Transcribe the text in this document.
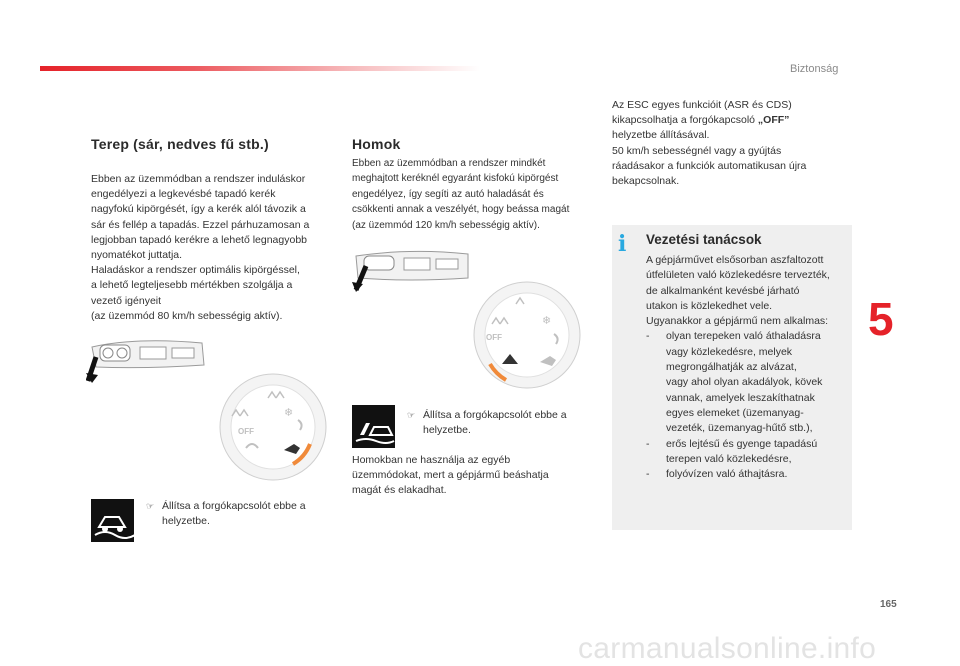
Biztonság
Terep (sár, nedves fű stb.)
Ebben az üzemmódban a rendszer induláskor
engedélyezi a legkevésbé tapadó kerék
nagyfokú kipörgését, így a kerék alól távozik a
sár és fellép a tapadás. Ezzel párhuzamosan a
legjobban tapadó kerékre a lehető legnagyobb
nyomatékot juttatja.
Haladáskor a rendszer optimális kipörgéssel,
a lehető legteljesebb mértékben szolgálja a
vezető igényeit
(az üzemmód 80 km/h sebességig aktív).
OFF
❄
☞ Állítsa a forgókapcsolót ebbe a
helyzetbe.
Homok
Ebben az üzemmódban a rendszer mindkét
meghajtott keréknél egyaránt kisfokú kipörgést
engedélyez, így segíti az autó haladását és
csökkenti annak a veszélyét, hogy beássa magát
(az üzemmód 120 km/h sebességig aktív).
OFF
❄
☞ Állítsa a forgókapcsolót ebbe a
helyzetbe.
Homokban ne használja az egyéb
üzemmódokat, mert a gépjármű beáshatja
magát és elakadhat.
Az ESC egyes funkcióit (ASR és CDS)
kikapcsolhatja a forgókapcsoló „OFF”
helyzetbe állításával.
50 km/h sebességnél vagy a gyújtás
ráadásakor a funkciók automatikusan újra
bekapcsolnak.
i	Vezetési tanácsok
A gépjárművet elsősorban aszfaltozott
útfelületen való közlekedésre tervezték,
de alkalmanként kevésbé járható
utakon is közlekedhet vele.
Ugyanakkor a gépjármű nem alkalmas:
- olyan terepeken való áthaladásra
vagy közlekedésre, melyek
megrongálhatják az alvázat,
vagy ahol olyan akadályok, kövek
vannak, amelyek leszakíthatnak
egyes elemeket (üzemanyag-
vezeték, üzemanyag-hűtő stb.),
- erős lejtésű és gyenge tapadású
terepen való közlekedésre,
- folyóvízen való áthajtásra.
5
165
carmanualsonline.info
